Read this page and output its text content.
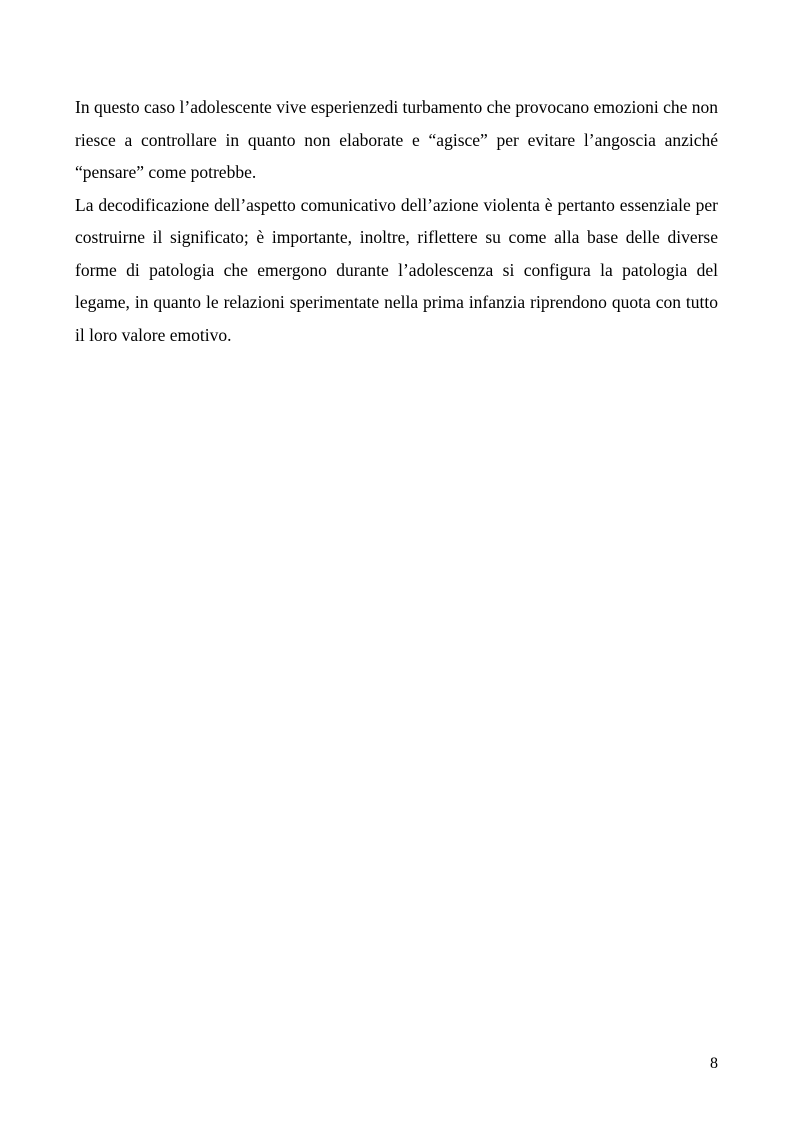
In questo caso l’adolescente vive esperienzedi turbamento che provocano emozioni che non riesce a controllare in quanto non elaborate e “agisce” per evitare l’angoscia anziché “pensare” come potrebbe.

La decodificazione dell’aspetto comunicativo dell’azione violenta è pertanto essenziale per costruirne il significato; è importante, inoltre, riflettere su come alla base delle diverse forme di patologia che emergono durante l’adolescenza si configura la patologia del legame, in quanto le relazioni sperimentate nella prima infanzia riprendono quota con tutto il loro valore emotivo.

8
